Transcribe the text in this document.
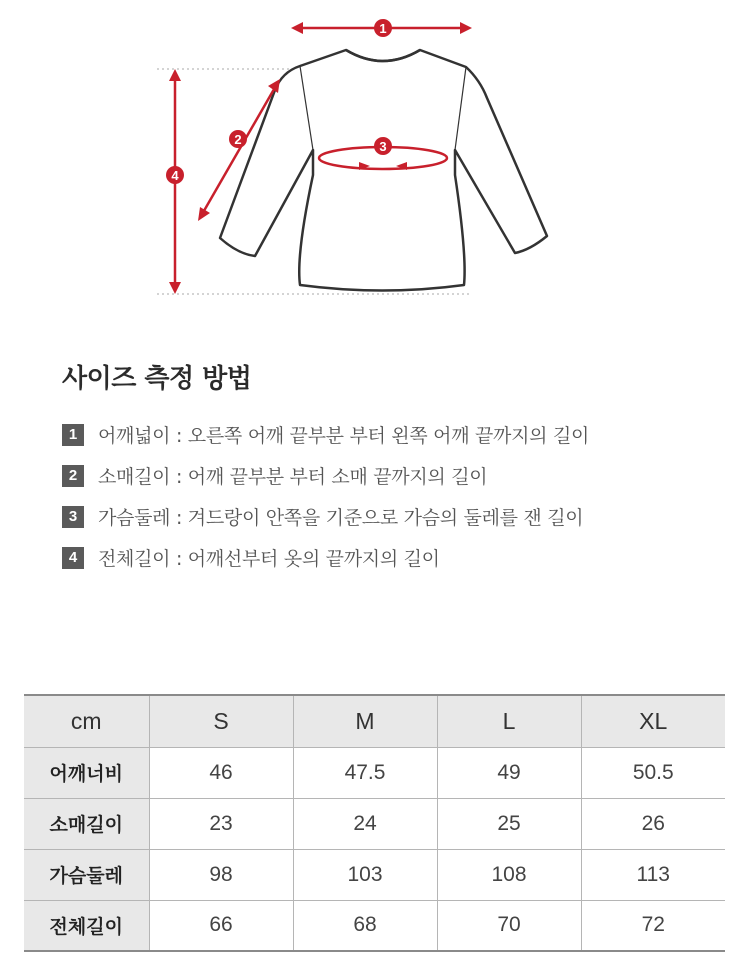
1
2	3
4
사이즈 측정 방법
1	어깨넓이 : 오른쪽 어깨 끝부분 부터 왼쪽 어깨 끝까지의 길이
2	소매길이 : 어깨 끝부분 부터 소매 끝까지의 길이
3	가슴둘레 : 겨드랑이 안쪽을 기준으로 가슴의 둘레를 잰 길이
4	전체길이 : 어깨선부터 옷의 끝까지의 길이
cm	S	M	L	XL
어깨너비	46	47.5	49	50.5
소매길이	23	24	25	26
가슴둘레	98	103	108	113
전체길이	66	68	70	72
